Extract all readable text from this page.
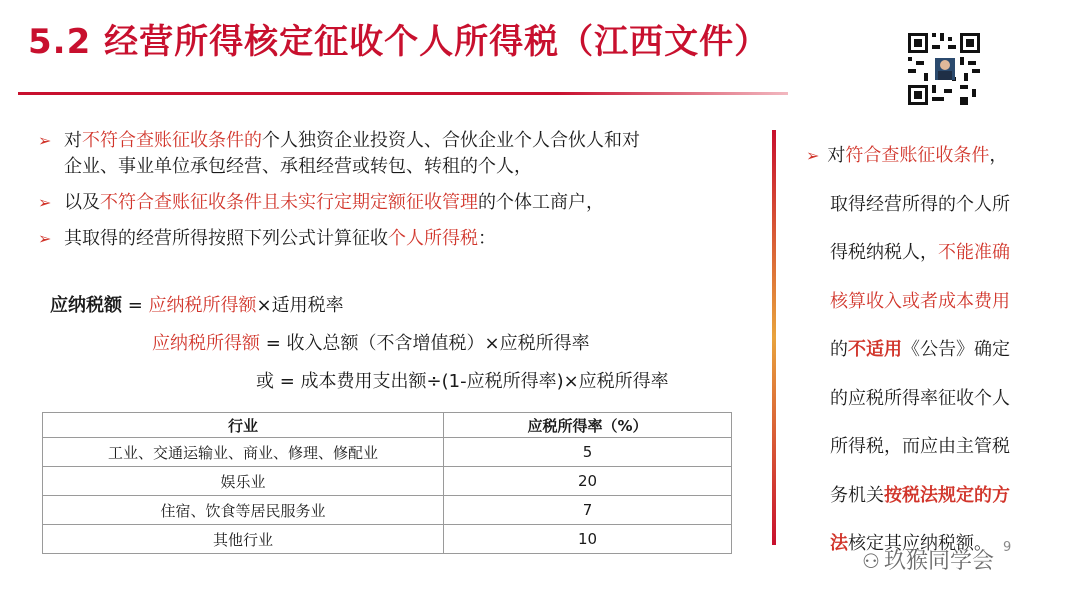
5.2 经营所得核定征收个人所得税（江西文件）
➢ 对不符合查账征收条件的个人独资企业投资人、合伙企业个人合伙人和对
企业、事业单位承包经营、承租经营或转包、转租的个人，
➢ 以及不符合查账征收条件且未实行定期定额征收管理的个体工商户，
➢ 其取得的经营所得按照下列公式计算征收个人所得税：
应纳税额 = 应纳税所得额×适用税率
应纳税所得额 = 收入总额（不含增值税）×应税所得率
或 = 成本费用支出额÷(1-应税所得率)×应税所得率
行业	应税所得率（%）
工业、交通运输业、商业、修理、修配业	5
娱乐业	20
住宿、饮食等居民服务业	7
其他行业	10
➢ 对符合查账征收条件，
取得经营所得的个人所
得税纳税人，不能准确
核算收入或者成本费用
的不适用《公告》确定
的应税所得率征收个人
所得税，而应由主管税
务机关按税法规定的方
法核定其应纳税额。
⚇ 玖猴同学会
9
